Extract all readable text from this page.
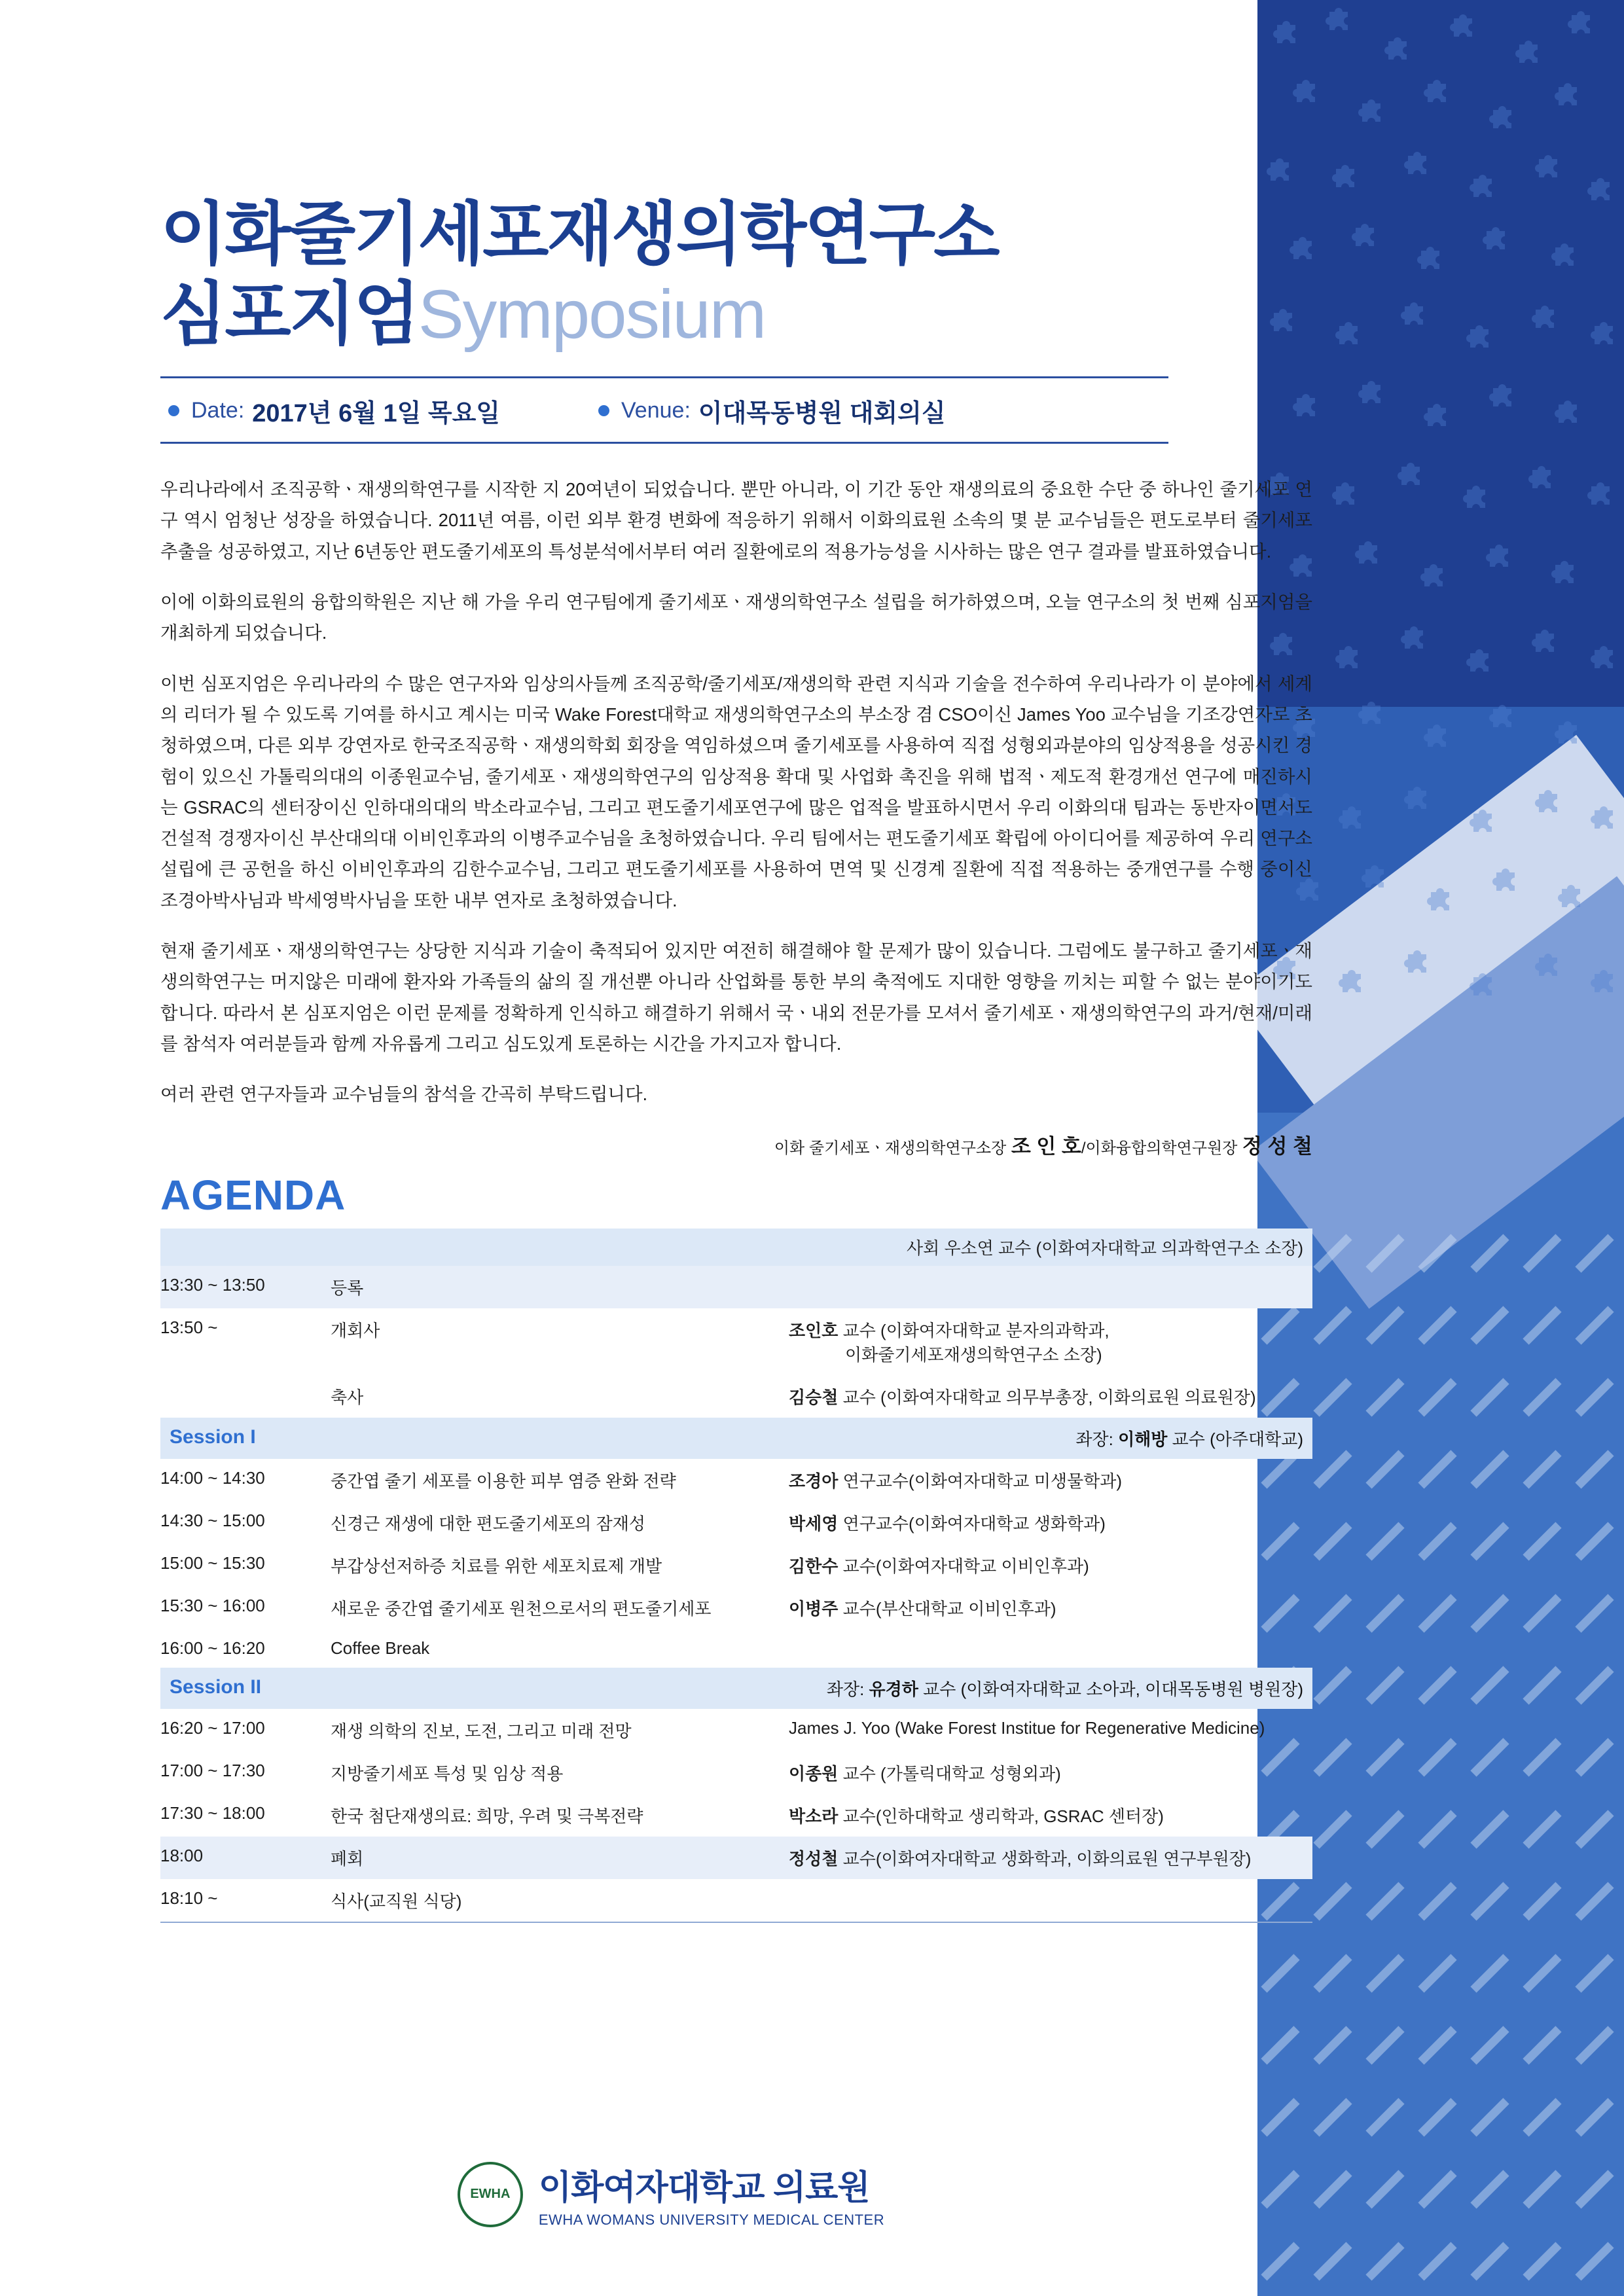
이화줄기세포재생의학연구소
심포지엄Symposium
Date: 2017년 6월 1일 목요일	Venue: 이대목동병원 대회의실

우리나라에서 조직공학ㆍ재생의학연구를 시작한 지 20여년이 되었습니다. 뿐만 아니라, 이 기간 동안 재생의료의 중요한 수단 중 하나인 줄기세포 연구 역시 엄청난 성장을 하였습니다. 2011년 여름, 이런 외부 환경 변화에 적응하기 위해서 이화의료원 소속의 몇 분 교수님들은 편도로부터 줄기세포 추출을 성공하였고, 지난 6년동안 편도줄기세포의 특성분석에서부터 여러 질환에로의 적용가능성을 시사하는 많은 연구 결과를 발표하였습니다.

이에 이화의료원의 융합의학원은 지난 해 가을 우리 연구팀에게 줄기세포ㆍ재생의학연구소 설립을 허가하였으며, 오늘 연구소의 첫 번째 심포지엄을 개최하게 되었습니다.

이번 심포지엄은 우리나라의 수 많은 연구자와 임상의사들께 조직공학/줄기세포/재생의학 관련 지식과 기술을 전수하여 우리나라가 이 분야에서 세계의 리더가 될 수 있도록 기여를 하시고 계시는 미국 Wake Forest대학교 재생의학연구소의 부소장 겸 CSO이신 James Yoo 교수님을 기조강연자로 초청하였으며, 다른 외부 강연자로 한국조직공학ㆍ재생의학회 회장을 역임하셨으며 줄기세포를 사용하여 직접 성형외과분야의 임상적용을 성공시킨 경험이 있으신 가톨릭의대의 이종원교수님, 줄기세포ㆍ재생의학연구의 임상적용 확대 및 사업화 촉진을 위해 법적ㆍ제도적 환경개선 연구에 매진하시는 GSRAC의 센터장이신 인하대의대의 박소라교수님, 그리고 편도줄기세포연구에 많은 업적을 발표하시면서 우리 이화의대 팀과는 동반자이면서도 건설적 경쟁자이신 부산대의대 이비인후과의 이병주교수님을 초청하였습니다. 우리 팀에서는 편도줄기세포 확립에 아이디어를 제공하여 우리 연구소 설립에 큰 공헌을 하신 이비인후과의 김한수교수님, 그리고 편도줄기세포를 사용하여 면역 및 신경계 질환에 직접 적용하는 중개연구를 수행 중이신 조경아박사님과 박세영박사님을 또한 내부 연자로 초청하였습니다.

현재 줄기세포ㆍ재생의학연구는 상당한 지식과 기술이 축적되어 있지만 여전히 해결해야 할 문제가 많이 있습니다. 그럼에도 불구하고 줄기세포ㆍ재생의학연구는 머지않은 미래에 환자와 가족들의 삶의 질 개선뿐 아니라 산업화를 통한 부의 축적에도 지대한 영향을 끼치는 피할 수 없는 분야이기도 합니다. 따라서 본 심포지엄은 이런 문제를 정확하게 인식하고 해결하기 위해서 국ㆍ내외 전문가를 모셔서 줄기세포ㆍ재생의학연구의 과거/현재/미래를 참석자 여러분들과 함께 자유롭게 그리고 심도있게 토론하는 시간을 가지고자 합니다.

여러 관련 연구자들과 교수님들의 참석을 간곡히 부탁드립니다.

이화 줄기세포ㆍ재생의학연구소장 조 인 호/이화융합의학연구원장 정 성 철
AGENDA
사회 우소연 교수 (이화여자대학교 의과학연구소 소장)		
13:30 ~ 13:50	등록	
13:50 ~	개회사	조인호 교수 (이화여자대학교 분자의과학과,
이화줄기세포재생의학연구소 소장)

	축사	김승철 교수 (이화여자대학교 의무부총장, 이화의료원 의료원장)
Session I 좌장: 이해방 교수 (아주대학교)		

14:00 ~ 14:30	중간엽 줄기 세포를 이용한 피부 염증 완화 전략	조경아 연구교수(이화여자대학교 미생물학과)
14:30 ~ 15:00	신경근 재생에 대한 편도줄기세포의 잠재성	박세영 연구교수(이화여자대학교 생화학과)
15:00 ~ 15:30	부갑상선저하증 치료를 위한 세포치료제 개발	김한수 교수(이화여자대학교 이비인후과)
15:30 ~ 16:00	새로운 중간엽 줄기세포 원천으로서의 편도줄기세포	이병주 교수(부산대학교 이비인후과)
16:00 ~ 16:20	Coffee Break	
Session II 좌장: 유경하 교수 (이화여자대학교 소아과, 이대목동병원 병원장)		

16:20 ~ 17:00	재생 의학의 진보, 도전, 그리고 미래 전망	James J. Yoo (Wake Forest Institue for Regenerative Medicine)
17:00 ~ 17:30	지방줄기세포 특성 및 임상 적용	이종원 교수 (가톨릭대학교 성형외과)
17:30 ~ 18:00	한국 첨단재생의료: 희망, 우려 및 극복전략	박소라 교수(인하대학교 생리학과, GSRAC 센터장)
18:00	폐회	정성철 교수(이화여자대학교 생화학과, 이화의료원 연구부원장)
18:10 ~	식사(교직원 식당)	
EWHA 이화여자대학교 의료원
EWHA WOMANS UNIVERSITY MEDICAL CENTER
